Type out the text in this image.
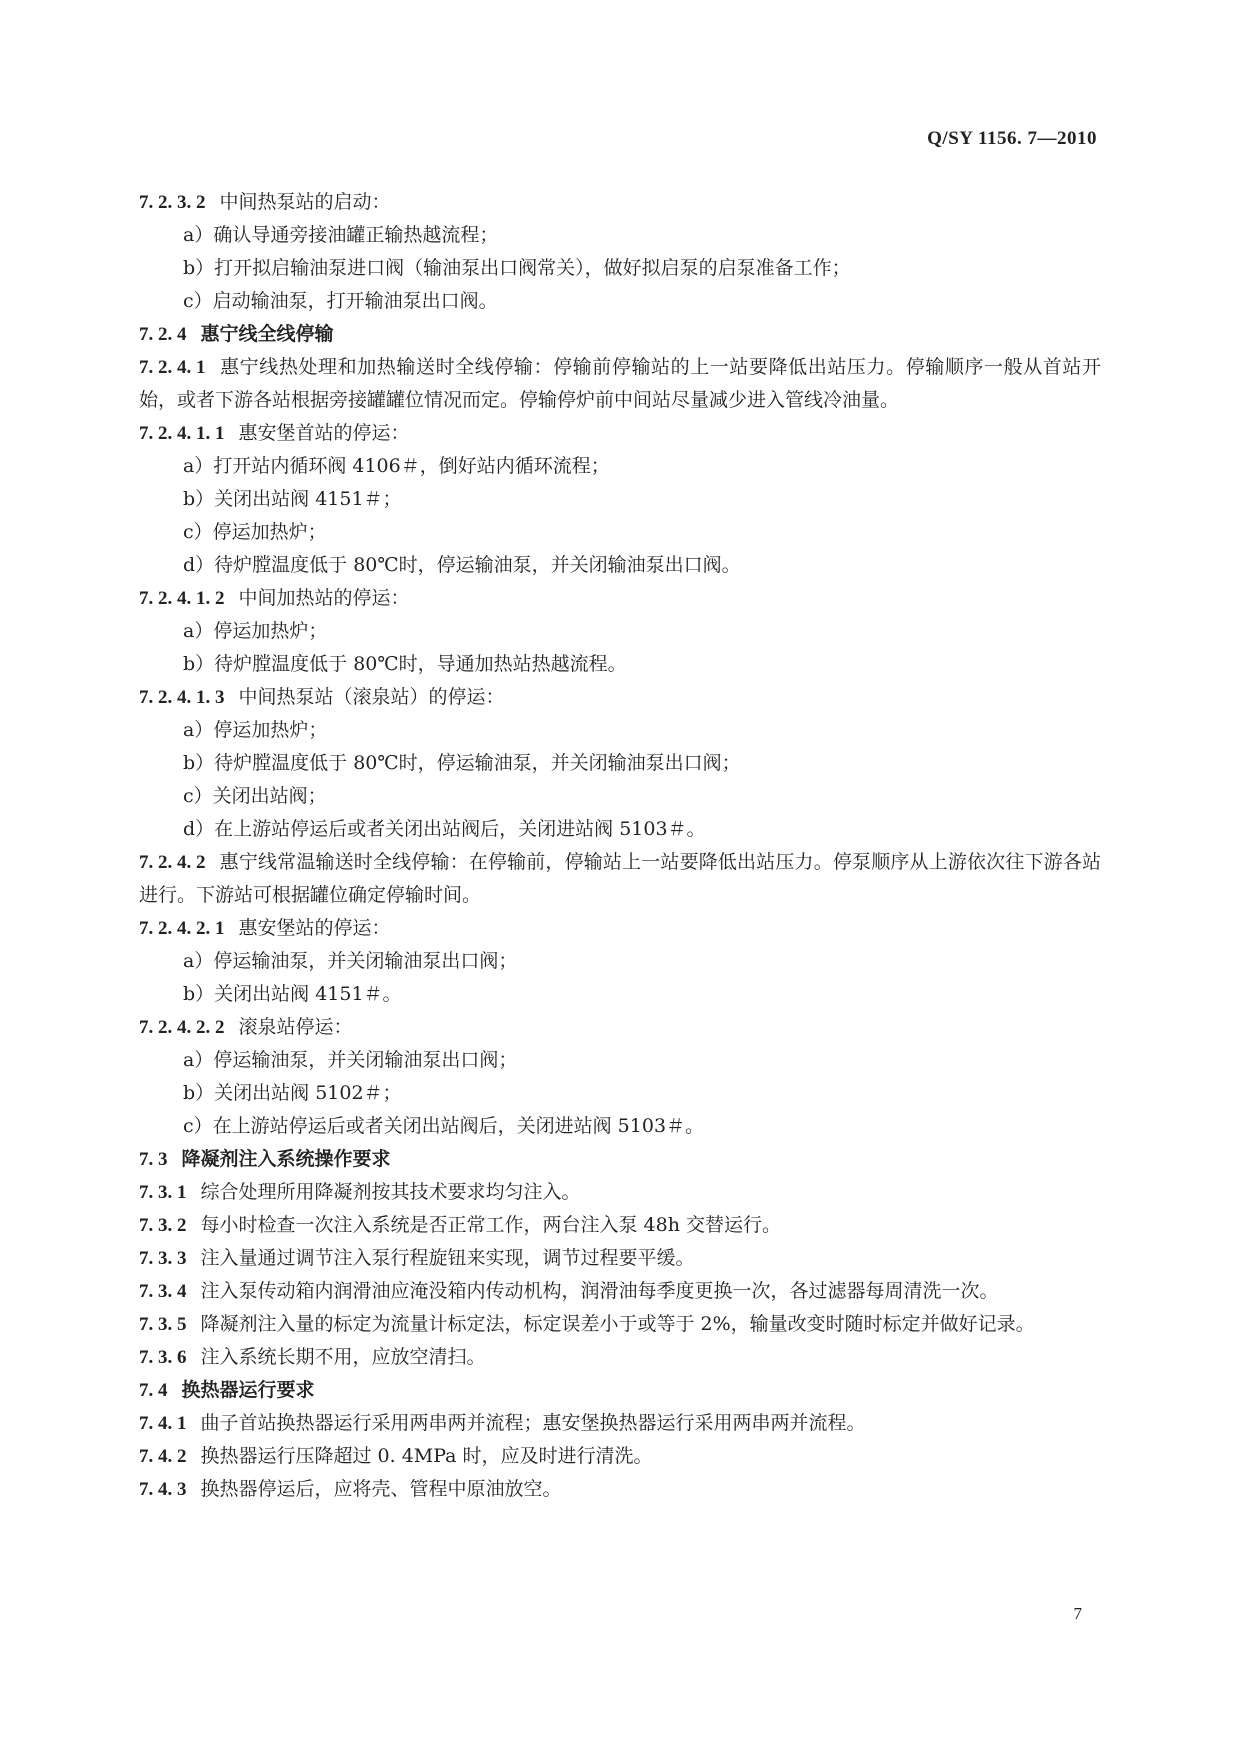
Q/SY 1156. 7—2010
7. 2. 3. 2 中间热泵站的启动：
a）确认导通旁接油罐正输热越流程；
b）打开拟启输油泵进口阀（输油泵出口阀常关），做好拟启泵的启泵准备工作；
c）启动输油泵，打开输油泵出口阀。
7. 2. 4 惠宁线全线停输
7. 2. 4. 1 惠宁线热处理和加热输送时全线停输：停输前停输站的上一站要降低出站压力。停输顺序一般从首站开始，或者下游各站根据旁接罐罐位情况而定。停输停炉前中间站尽量减少进入管线冷油量。
7. 2. 4. 1. 1 惠安堡首站的停运：
a）打开站内循环阀 4106＃，倒好站内循环流程；
b）关闭出站阀 4151＃；
c）停运加热炉；
d）待炉膛温度低于 80℃时，停运输油泵，并关闭输油泵出口阀。
7. 2. 4. 1. 2 中间加热站的停运：
a）停运加热炉；
b）待炉膛温度低于 80℃时，导通加热站热越流程。
7. 2. 4. 1. 3 中间热泵站（滚泉站）的停运：
a）停运加热炉；
b）待炉膛温度低于 80℃时，停运输油泵，并关闭输油泵出口阀；
c）关闭出站阀；
d）在上游站停运后或者关闭出站阀后，关闭进站阀 5103＃。
7. 2. 4. 2 惠宁线常温输送时全线停输：在停输前，停输站上一站要降低出站压力。停泵顺序从上游依次往下游各站进行。下游站可根据罐位确定停输时间。
7. 2. 4. 2. 1 惠安堡站的停运：
a）停运输油泵，并关闭输油泵出口阀；
b）关闭出站阀 4151＃。
7. 2. 4. 2. 2 滚泉站停运：
a）停运输油泵，并关闭输油泵出口阀；
b）关闭出站阀 5102＃；
c）在上游站停运后或者关闭出站阀后，关闭进站阀 5103＃。
7. 3 降凝剂注入系统操作要求
7. 3. 1 综合处理所用降凝剂按其技术要求均匀注入。
7. 3. 2 每小时检查一次注入系统是否正常工作，两台注入泵 48h 交替运行。
7. 3. 3 注入量通过调节注入泵行程旋钮来实现，调节过程要平缓。
7. 3. 4 注入泵传动箱内润滑油应淹没箱内传动机构，润滑油每季度更换一次，各过滤器每周清洗一次。
7. 3. 5 降凝剂注入量的标定为流量计标定法，标定误差小于或等于 2%，输量改变时随时标定并做好记录。
7. 3. 6 注入系统长期不用，应放空清扫。
7. 4 换热器运行要求
7. 4. 1 曲子首站换热器运行采用两串两并流程；惠安堡换热器运行采用两串两并流程。
7. 4. 2 换热器运行压降超过 0. 4MPa 时，应及时进行清洗。
7. 4. 3 换热器停运后，应将壳、管程中原油放空。
7
